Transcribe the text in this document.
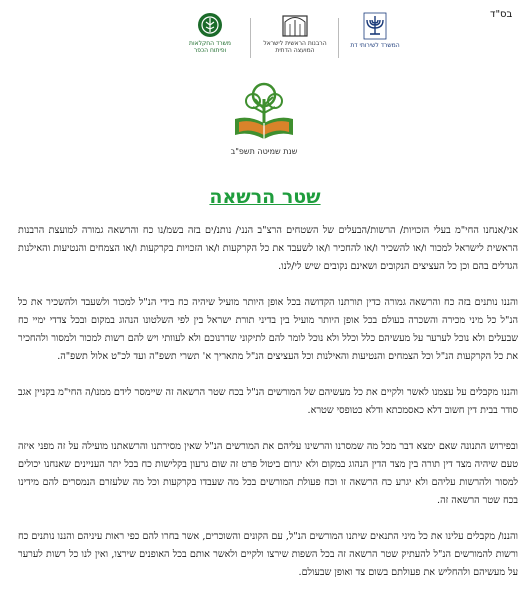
בס"ד
משרד החקלאות
ופיתוח הכפר
הרבנות הראשית לישראל
המועצה הדתית
המשרד לשירותי דת
שנת שמיטה תשפ"ב
שטר הרשאה

אני/אנחנו החי"מ בעלי הזכויות/ הרשות/הבעלים של השטחים הרצ"ב הנני/ נותנ/ים בזה בשמ/נו כח והרשאה גמורה למועצת הרבנות הראשית לישראל למכור ו/או להשכיר ו/או להחכיר ו/או לשעבד את כל הקרקעות ו/או הזכויות בקרקעות ו/או הצמחים והנטיעות והאילנות הגדלים בהם וכן כל העציצים הנקובים ושאינם נקובים שיש לי/לנו.

והננו נותנים בזה כח והרשאה גמורה כדין תורתנו הקדושה בכל אופן היותר מועיל שיהיה כח בידי הנ"ל למכור ולשעבד ולהשכיר את כל הנ"ל כל מיני מכירה והשכרה בעולם בכל אופן היותר מועיל בין בדיני תורת ישראל בין לפי השלטונו הנהוג במקום ובכל צדדי ימיי כח שבעלים ולא נוכל לערער על מעשיהם כלל וכלל ולא נוכל לומר להם לתיקוני שדרנוכם ולא לעוותי ויש להם רשות למכור ולמסור ולהחכיר את כל הקרקעות הנ"ל וכל הצמחים והנטיעות והאילנות וכל העציצים הנ"ל מתאריך א' תשרי תשפ"ה ועד לכ"ט אלול תשפ"ה.

והננו מקבלים על עצמנו לאשר ולקיים את כל מעשיהם של המורשים הנ"ל בכח שטר הרשאה זה שיימסר לידם ממנו/ה החי"מ בקניין אגב סודר בבית דין חשוב דלא כאסמכתא ודלא כטופסי שטרא.

ובפירוש התנונה שאם ימצא דבר מכל מה שמסרנו והרשינו עליהם את המורשים הנ"ל שאין מסירתנו והרשאתנו מועילה על זה מפני איזה טעם שיהיה מצד דין תורה בין מצד הדין הנהוג במקום ולא יגרום ביטול פרט זה שום גרעון בקלישות כח בכל יתר העניינים שאנחנו יכולים למסור ולהרשות עליהם ולא יגרע כח הרשאה זו וכח פעולת המורשים בכל מה שעבדו בקרקעות וכל מה שלעזרם הנמסרים להם מידינו בכח שטר הרשאה זה.

והננו/ מקבלים עלינו את כל מיני התנאים שיתנו המורשים הנ"ל, עם הקונים והשוכרים, אשר בחרו להם כפי ראות עיניהם והננו נותנים כח ורשות להמורשים הנ"ל להעתיק שטר הרשאה זה בכל השפות שירצו ולקיים ולאשר אותם בכל האופנים שירצו, ואין לנו כל רשות לערער על מעשיהם ולהחליש את פעולתם בשום צד ואופן שבעולם.
